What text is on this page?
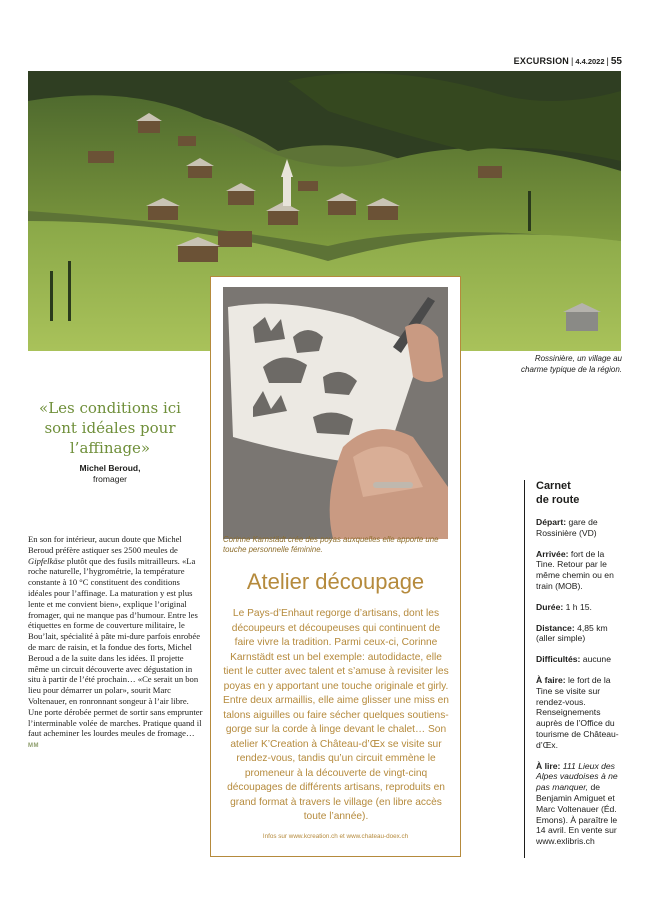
EXCURSION | 4.4.2022 | 55
Rossinière, un village au charme typique de la région.
«Les conditions ici sont idéales pour l’affinage»
Michel Beroud,
fromager
En son for intérieur, aucun doute que Michel Beroud préfère astiquer ses 2500 meules de Gipfelkäse plutôt que des fusils mitrailleurs. «La roche naturelle, l’hygrométrie, la température constante à 10 °C constituent des conditions idéales pour l’affinage. La maturation y est plus lente et me convient bien», explique l’original fromager, qui ne manque pas d’humour. Entre les étiquettes en forme de couverture militaire, le Bou’lait, spécialité à pâte mi-dure parfois enrobée de marc de raisin, et la fondue des forts, Michel Beroud a de la suite dans les idées. Il projette même un circuit découverte avec dégustation in situ à partir de l’été prochain… «Ce serait un bon lieu pour démarrer un polar», sourit Marc Voltenauer, en ronronnant songeur à l’air libre. Une porte dérobée permet de sortir sans emprunter l’interminable volée de marches. Pratique quand il faut acheminer les lourdes meules de fromage… MM
Corinne Karnstädt crée des poyas auxquelles elle apporte une touche personnelle féminine.
Atelier découpage
Le Pays-d’Enhaut regorge d’artisans, dont les découpeurs et découpeuses qui continuent de faire vivre la tradition. Parmi ceux-ci, Corinne Karnstädt est un bel exemple: autodidacte, elle tient le cutter avec talent et s’amuse à revisiter les poyas en y apportant une touche originale et girly. Entre deux armaillis, elle aime glisser une miss en talons aiguilles ou faire sécher quelques soutiens-gorge sur la corde à linge devant le chalet… Son atelier K’Creation à Château-d’Œx se visite sur rendez-vous, tandis qu’un circuit emmène le promeneur à la découverte de vingt-cinq découpages de différents artisans, reproduits en grand format à travers le village (en libre accès toute l’année).
Infos sur www.kcreation.ch et www.chateau-doex.ch
Carnet
de route
Départ: gare de Rossinière (VD)
Arrivée: fort de la Tine. Retour par le même chemin ou en train (MOB).
Durée: 1 h 15.
Distance: 4,85 km (aller simple)
Difficultés: aucune
À faire: le fort de la Tine se visite sur rendez-vous. Renseignements auprès de l’Office du tourisme de Château-d’Œx.
À lire: 111 Lieux des Alpes vaudoises à ne pas manquer, de Benjamin Amiguet et Marc Voltenauer (Éd. Emons). À paraître le 14 avril. En vente sur www.exlibris.ch
